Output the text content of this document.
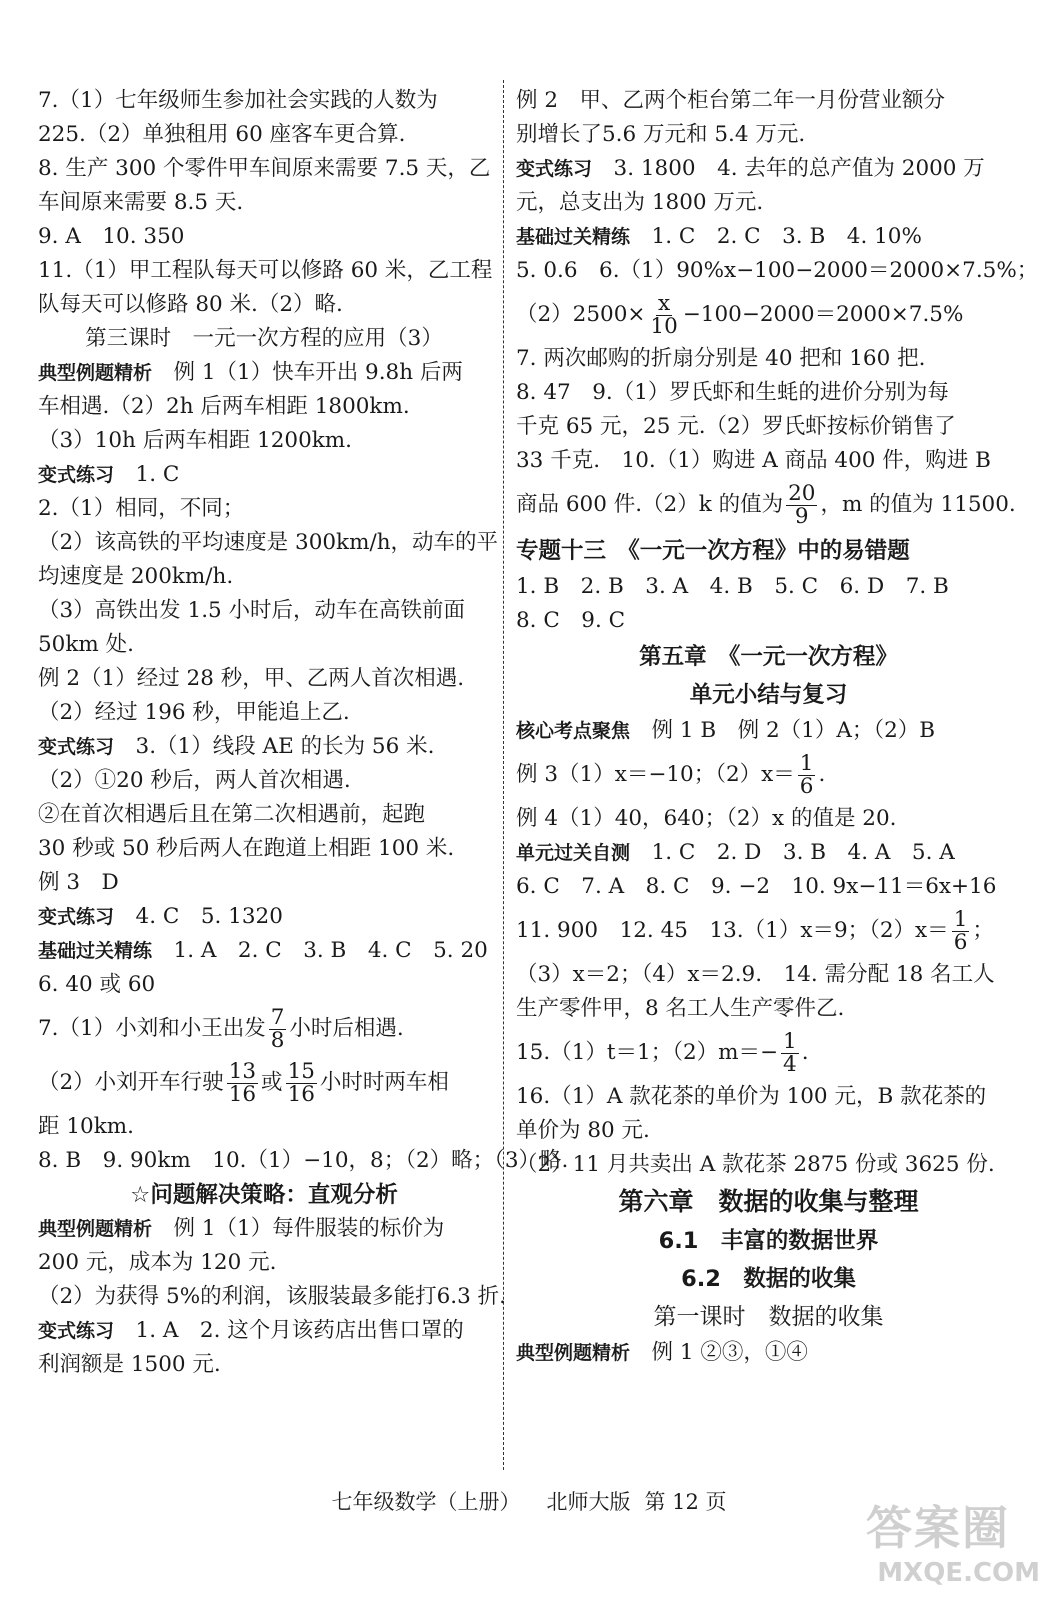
7.（1）七年级师生参加社会实践的人数为
225.（2）单独租用 60 座客车更合算.
8. 生产 300 个零件甲车间原来需要 7.5 天，乙
车间原来需要 8.5 天.
9. A　10. 350
11.（1）甲工程队每天可以修路 60 米，乙工程
队每天可以修路 80 米.（2）略.
第三课时　一元一次方程的应用（3）
典型例题精析　例 1（1）快车开出 9.8h 后两
车相遇.（2）2h 后两车相距 1800km.
（3）10h 后两车相距 1200km.
变式练习　1. C
2.（1）相同，不同；
（2）该高铁的平均速度是 300km/h，动车的平
均速度是 200km/h.
（3）高铁出发 1.5 小时后，动车在高铁前面
50km 处.
例 2（1）经过 28 秒，甲、乙两人首次相遇.
（2）经过 196 秒，甲能追上乙.
变式练习　3.（1）线段 AE 的长为 56 米.
（2）①20 秒后，两人首次相遇.
②在首次相遇后且在第二次相遇前，起跑
30 秒或 50 秒后两人在跑道上相距 100 米.
例 3　D
变式练习　4. C　5. 1320
基础过关精练　1. A　2. C　3. B　4. C　5. 20
6. 40 或 60
7.（1）小刘和小王出发 $\frac{7}{8}$ 小时后相遇.
（2）小刘开车行驶 $\frac{13}{16}$ 或 $\frac{15}{16}$ 小时时两车相
距 10km.
8. B　9. 90km　10.（1）−10，8；（2）略；（3）略.
☆问题解决策略：直观分析
典型例题精析　例 1（1）每件服装的标价为
200 元，成本为 120 元.
（2）为获得 5%的利润，该服装最多能打6.3 折.
变式练习　1. A　2. 这个月该药店出售口罩的
利润额是 1500 元.
例 2　甲、乙两个柜台第二年一月份营业额分
别增长了5.6 万元和 5.4 万元.
变式练习　3. 1800　4. 去年的总产值为 2000 万
元，总支出为 1800 万元.
基础过关精练　1. C　2. C　3. B　4. 10%
5. 0.6　6.（1）90%x−100−2000＝2000×7.5%；
$(2)2500\times \frac{x}{10} -100-2000=2000\times 7.5\%$
7. 两次邮购的折扇分别是 40 把和 160 把.
8. 47　9.（1）罗氏虾和生蚝的进价分别为每
千克 65 元，25 元.（2）罗氏虾按标价销售了
33 千克.　10.（1）购进 A 商品 400 件，购进 B
商品 600 件.（2）k 的值为 $\frac{20}{9}$ ，m 的值为 11500.
专题十三　《一元一次方程》中的易错题
1. B　2. B　3. A　4. B　5. C　6. D　7. B
8. C　9. C
第五章　《一元一次方程》
单元小结与复习
核心考点聚焦　例 1 B　例 2（1）A；（2）B
例 3（1）x＝−10；$(2)x= \frac{1}{6}$ .
例 4（1）40，640；（2）x 的值是 20.
单元过关自测　1. C　2. D　3. B　4. A　5. A
6. C　7. A　8. C　9. −2　10. 9x−11＝6x+16
11. 900　12. 45　13.（1）x＝9；$(2)x= \frac{1}{6}$ ；
（3）x＝2；（4）x＝2.9.　14. 需分配 18 名工人
生产零件甲，8 名工人生产零件乙.
15.（1）t＝1；$(2)m=- \frac{1}{4}$ .
16.（1）A 款花茶的单价为 100 元，B 款花茶的
单价为 80 元.
（2）11 月共卖出 A 款花茶 2875 份或 3625 份.
第六章　数据的收集与整理
6.1　丰富的数据世界
6.2　数据的收集
第一课时　数据的收集
典型例题精析　例 1 ②③，①④
七年级数学（上册） 北师大版 第 12 页	答案圈
MXQE.COM
